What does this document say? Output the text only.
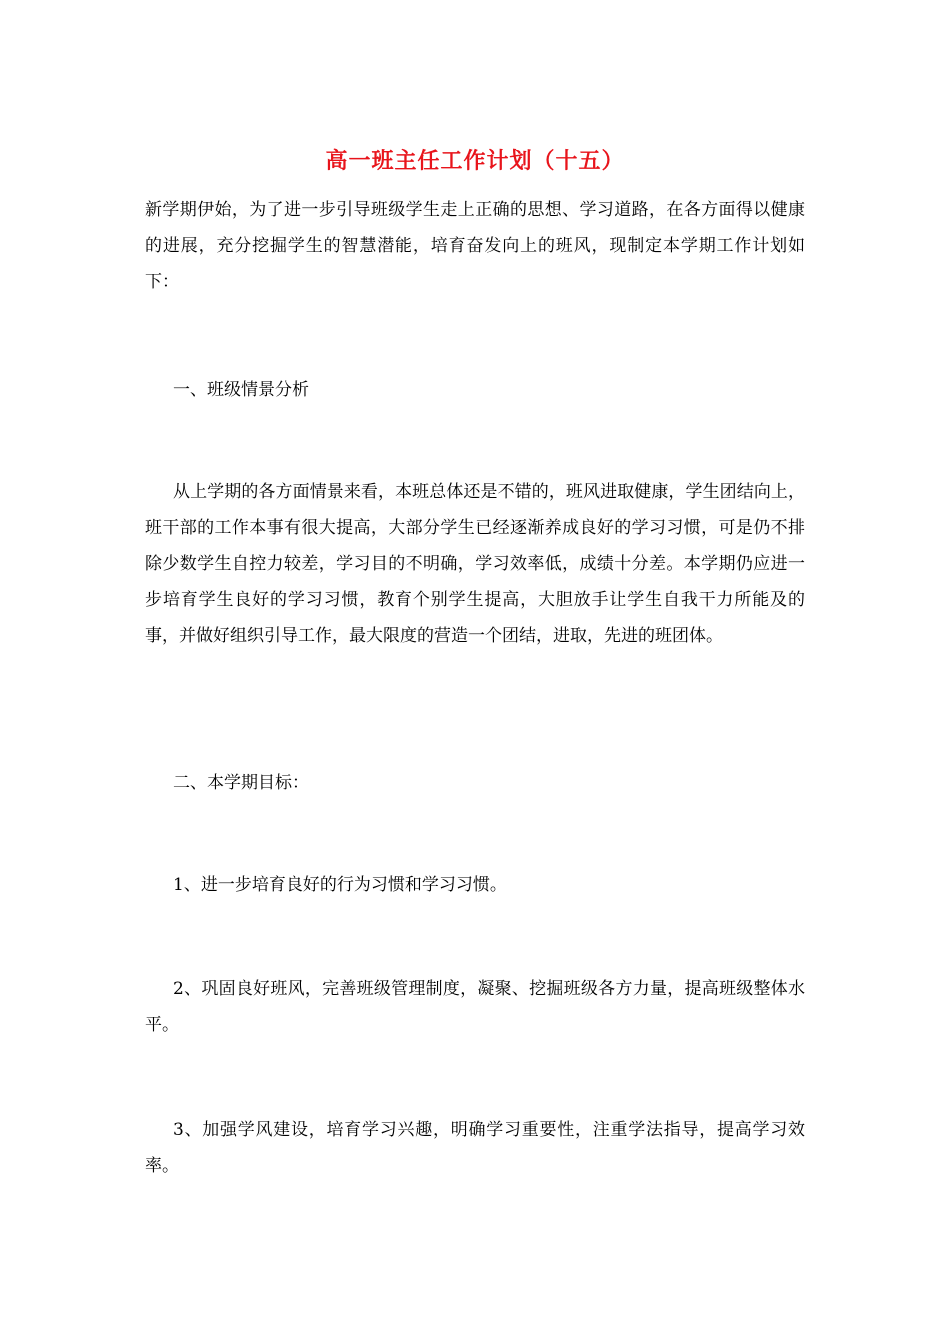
高一班主任工作计划（十五）

新学期伊始，为了进一步引导班级学生走上正确的思想、学习道路，在各方面得以健康的进展，充分挖掘学生的智慧潜能，培育奋发向上的班风，现制定本学期工作计划如下：

一、班级情景分析

从上学期的各方面情景来看，本班总体还是不错的，班风进取健康，学生团结向上，班干部的工作本事有很大提高，大部分学生已经逐渐养成良好的学习习惯，可是仍不排除少数学生自控力较差，学习目的不明确，学习效率低，成绩十分差。本学期仍应进一步培育学生良好的学习习惯，教育个别学生提高，大胆放手让学生自我干力所能及的事，并做好组织引导工作，最大限度的营造一个团结，进取，先进的班团体。

二、本学期目标：

1、进一步培育良好的行为习惯和学习习惯。

2、巩固良好班风，完善班级管理制度，凝聚、挖掘班级各方力量，提高班级整体水平。

3、加强学风建设，培育学习兴趣，明确学习重要性，注重学法指导，提高学习效率。
